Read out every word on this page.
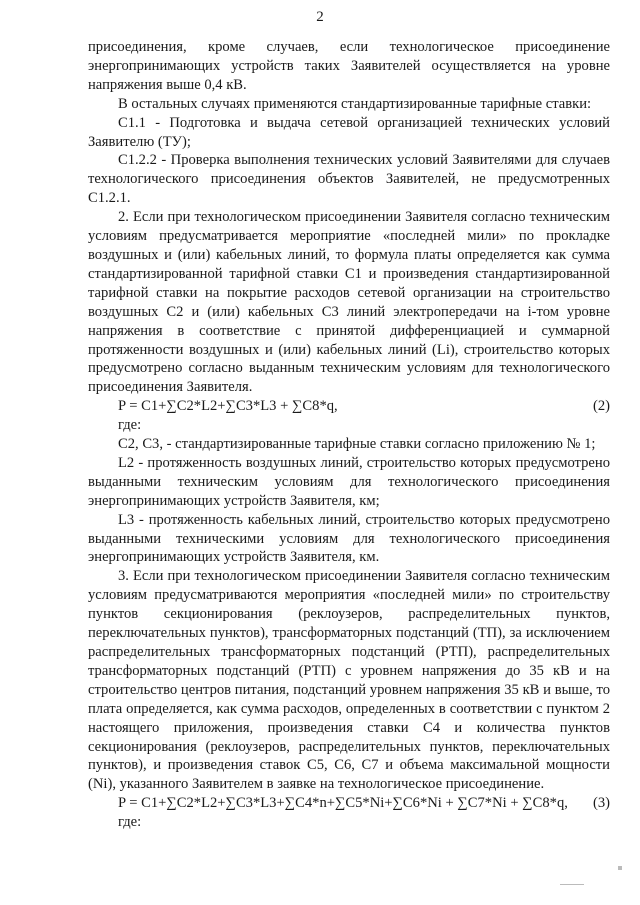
2

присоединения, кроме случаев, если технологическое присоединение энергопринимающих устройств таких Заявителей осуществляется на уровне напряжения выше 0,4 кВ.

В остальных случаях применяются стандартизированные тарифные ставки:

С1.1 - Подготовка и выдача сетевой организацией технических условий Заявителю (ТУ);

С1.2.2 - Проверка выполнения технических условий Заявителями для случаев технологического присоединения объектов Заявителей, не предусмотренных С1.2.1.

2. Если при технологическом присоединении Заявителя согласно техническим условиям предусматривается мероприятие «последней мили» по прокладке воздушных и (или) кабельных линий, то формула платы определяется как сумма стандартизированной тарифной ставки С1 и произведения стандартизированной тарифной ставки на покрытие расходов сетевой организации на строительство воздушных С2 и (или) кабельных С3 линий электропередачи на i-том уровне напряжения в соответствие с принятой дифференциацией и суммарной протяженности воздушных и (или) кабельных линий (Li), строительство которых предусмотрено согласно выданным техническим условиям для технологического присоединения Заявителя.

P = C1+∑C2*L2+∑C3*L3 + ∑C8*q,	(2)

где:

С2, С3, - стандартизированные тарифные ставки согласно приложению № 1;

L2 - протяженность воздушных линий, строительство которых предусмотрено выданными техническим условиям для технологического присоединения энергопринимающих устройств Заявителя, км;

L3 - протяженность кабельных линий, строительство которых предусмотрено выданными техническими условиям для технологического присоединения энергопринимающих устройств Заявителя, км.

3. Если при технологическом присоединении Заявителя согласно техническим условиям предусматриваются мероприятия «последней мили» по строительству пунктов секционирования (реклоузеров, распределительных пунктов, переключательных пунктов), трансформаторных подстанций (ТП), за исключением распределительных трансформаторных подстанций (РТП), распределительных трансформаторных подстанций (РТП) с уровнем напряжения до 35 кВ и на строительство центров питания, подстанций уровнем напряжения 35 кВ и выше, то плата определяется, как сумма расходов, определенных в соответствии с пунктом 2 настоящего приложения, произведения ставки С4 и количества пунктов секционирования (реклоузеров, распределительных пунктов, переключательных пунктов), и произведения ставок С5, С6, С7 и объема максимальной мощности (Ni), указанного Заявителем в заявке на технологическое присоединение.

P = C1+∑C2*L2+∑C3*L3+∑C4*n+∑C5*Ni+∑C6*Ni + ∑C7*Ni + ∑C8*q,	(3)

где:
